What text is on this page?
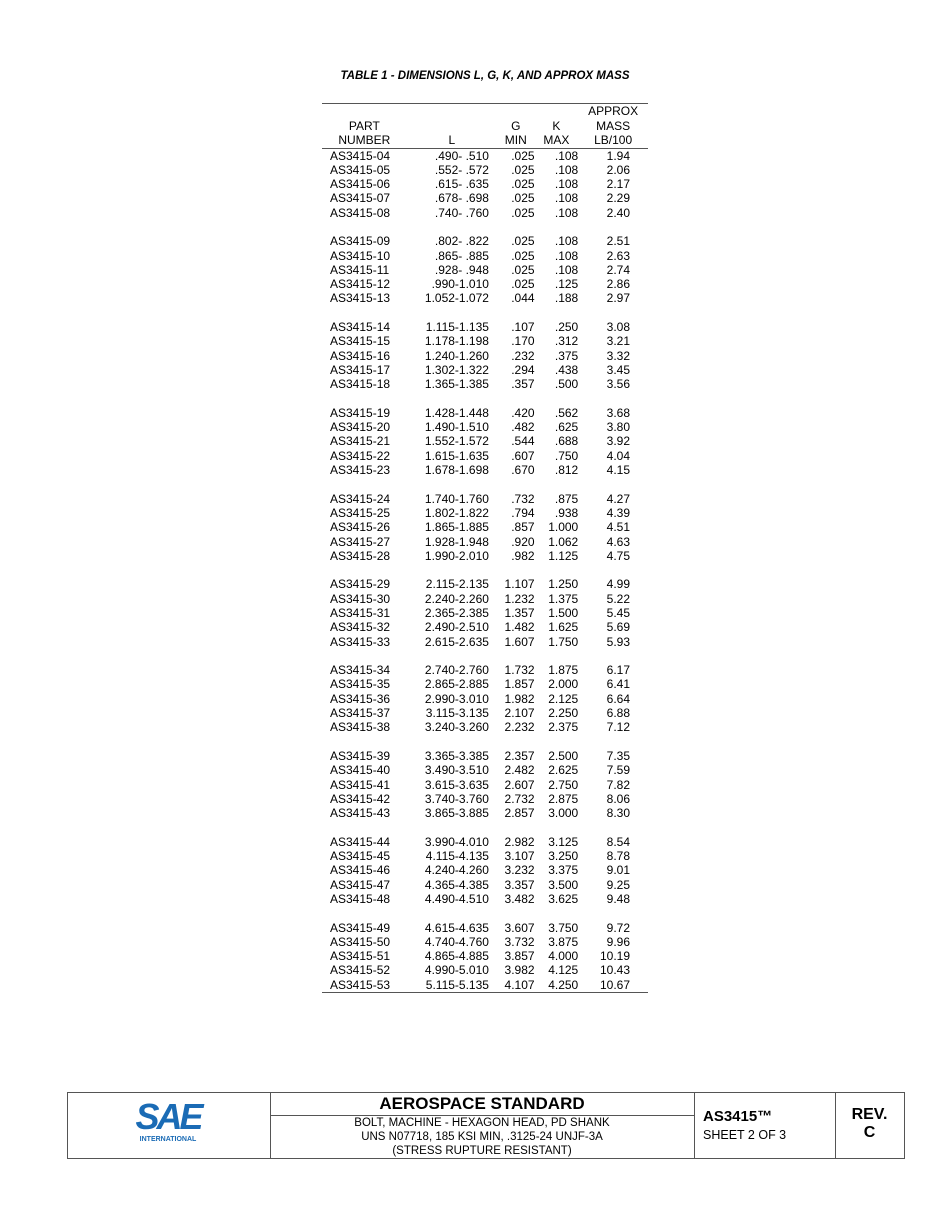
TABLE 1 - DIMENSIONS L, G, K, AND APPROX MASS
				APPROX
PART		G	K	MASS
NUMBER	L	MIN	MAX	LB/100
AS3415-04	.490- .510	.025	.108	1.94
AS3415-05	.552- .572	.025	.108	2.06
AS3415-06	.615- .635	.025	.108	2.17
AS3415-07	.678- .698	.025	.108	2.29
AS3415-08	.740- .760	.025	.108	2.40

AS3415-09	.802- .822	.025	.108	2.51
AS3415-10	.865- .885	.025	.108	2.63
AS3415-11	.928- .948	.025	.108	2.74
AS3415-12	.990-1.010	.025	.125	2.86
AS3415-13	1.052-1.072	.044	.188	2.97

AS3415-14	1.115-1.135	.107	.250	3.08
AS3415-15	1.178-1.198	.170	.312	3.21
AS3415-16	1.240-1.260	.232	.375	3.32
AS3415-17	1.302-1.322	.294	.438	3.45
AS3415-18	1.365-1.385	.357	.500	3.56

AS3415-19	1.428-1.448	.420	.562	3.68
AS3415-20	1.490-1.510	.482	.625	3.80
AS3415-21	1.552-1.572	.544	.688	3.92
AS3415-22	1.615-1.635	.607	.750	4.04
AS3415-23	1.678-1.698	.670	.812	4.15

AS3415-24	1.740-1.760	.732	.875	4.27
AS3415-25	1.802-1.822	.794	.938	4.39
AS3415-26	1.865-1.885	.857	1.000	4.51
AS3415-27	1.928-1.948	.920	1.062	4.63
AS3415-28	1.990-2.010	.982	1.125	4.75

AS3415-29	2.115-2.135	1.107	1.250	4.99
AS3415-30	2.240-2.260	1.232	1.375	5.22
AS3415-31	2.365-2.385	1.357	1.500	5.45
AS3415-32	2.490-2.510	1.482	1.625	5.69
AS3415-33	2.615-2.635	1.607	1.750	5.93

AS3415-34	2.740-2.760	1.732	1.875	6.17
AS3415-35	2.865-2.885	1.857	2.000	6.41
AS3415-36	2.990-3.010	1.982	2.125	6.64
AS3415-37	3.115-3.135	2.107	2.250	6.88
AS3415-38	3.240-3.260	2.232	2.375	7.12

AS3415-39	3.365-3.385	2.357	2.500	7.35
AS3415-40	3.490-3.510	2.482	2.625	7.59
AS3415-41	3.615-3.635	2.607	2.750	7.82
AS3415-42	3.740-3.760	2.732	2.875	8.06
AS3415-43	3.865-3.885	2.857	3.000	8.30

AS3415-44	3.990-4.010	2.982	3.125	8.54
AS3415-45	4.115-4.135	3.107	3.250	8.78
AS3415-46	4.240-4.260	3.232	3.375	9.01
AS3415-47	4.365-4.385	3.357	3.500	9.25
AS3415-48	4.490-4.510	3.482	3.625	9.48

AS3415-49	4.615-4.635	3.607	3.750	9.72
AS3415-50	4.740-4.760	3.732	3.875	9.96
AS3415-51	4.865-4.885	3.857	4.000	10.19
AS3415-52	4.990-5.010	3.982	4.125	10.43
AS3415-53	5.115-5.135	4.107	4.250	10.67
SAE
INTERNATIONAL
AEROSPACE STANDARD
BOLT, MACHINE - HEXAGON HEAD, PD SHANK
UNS N07718, 185 KSI MIN, .3125-24 UNJF-3A
(STRESS RUPTURE RESISTANT)
AS3415™
SHEET 2 OF 3
REV.
C
